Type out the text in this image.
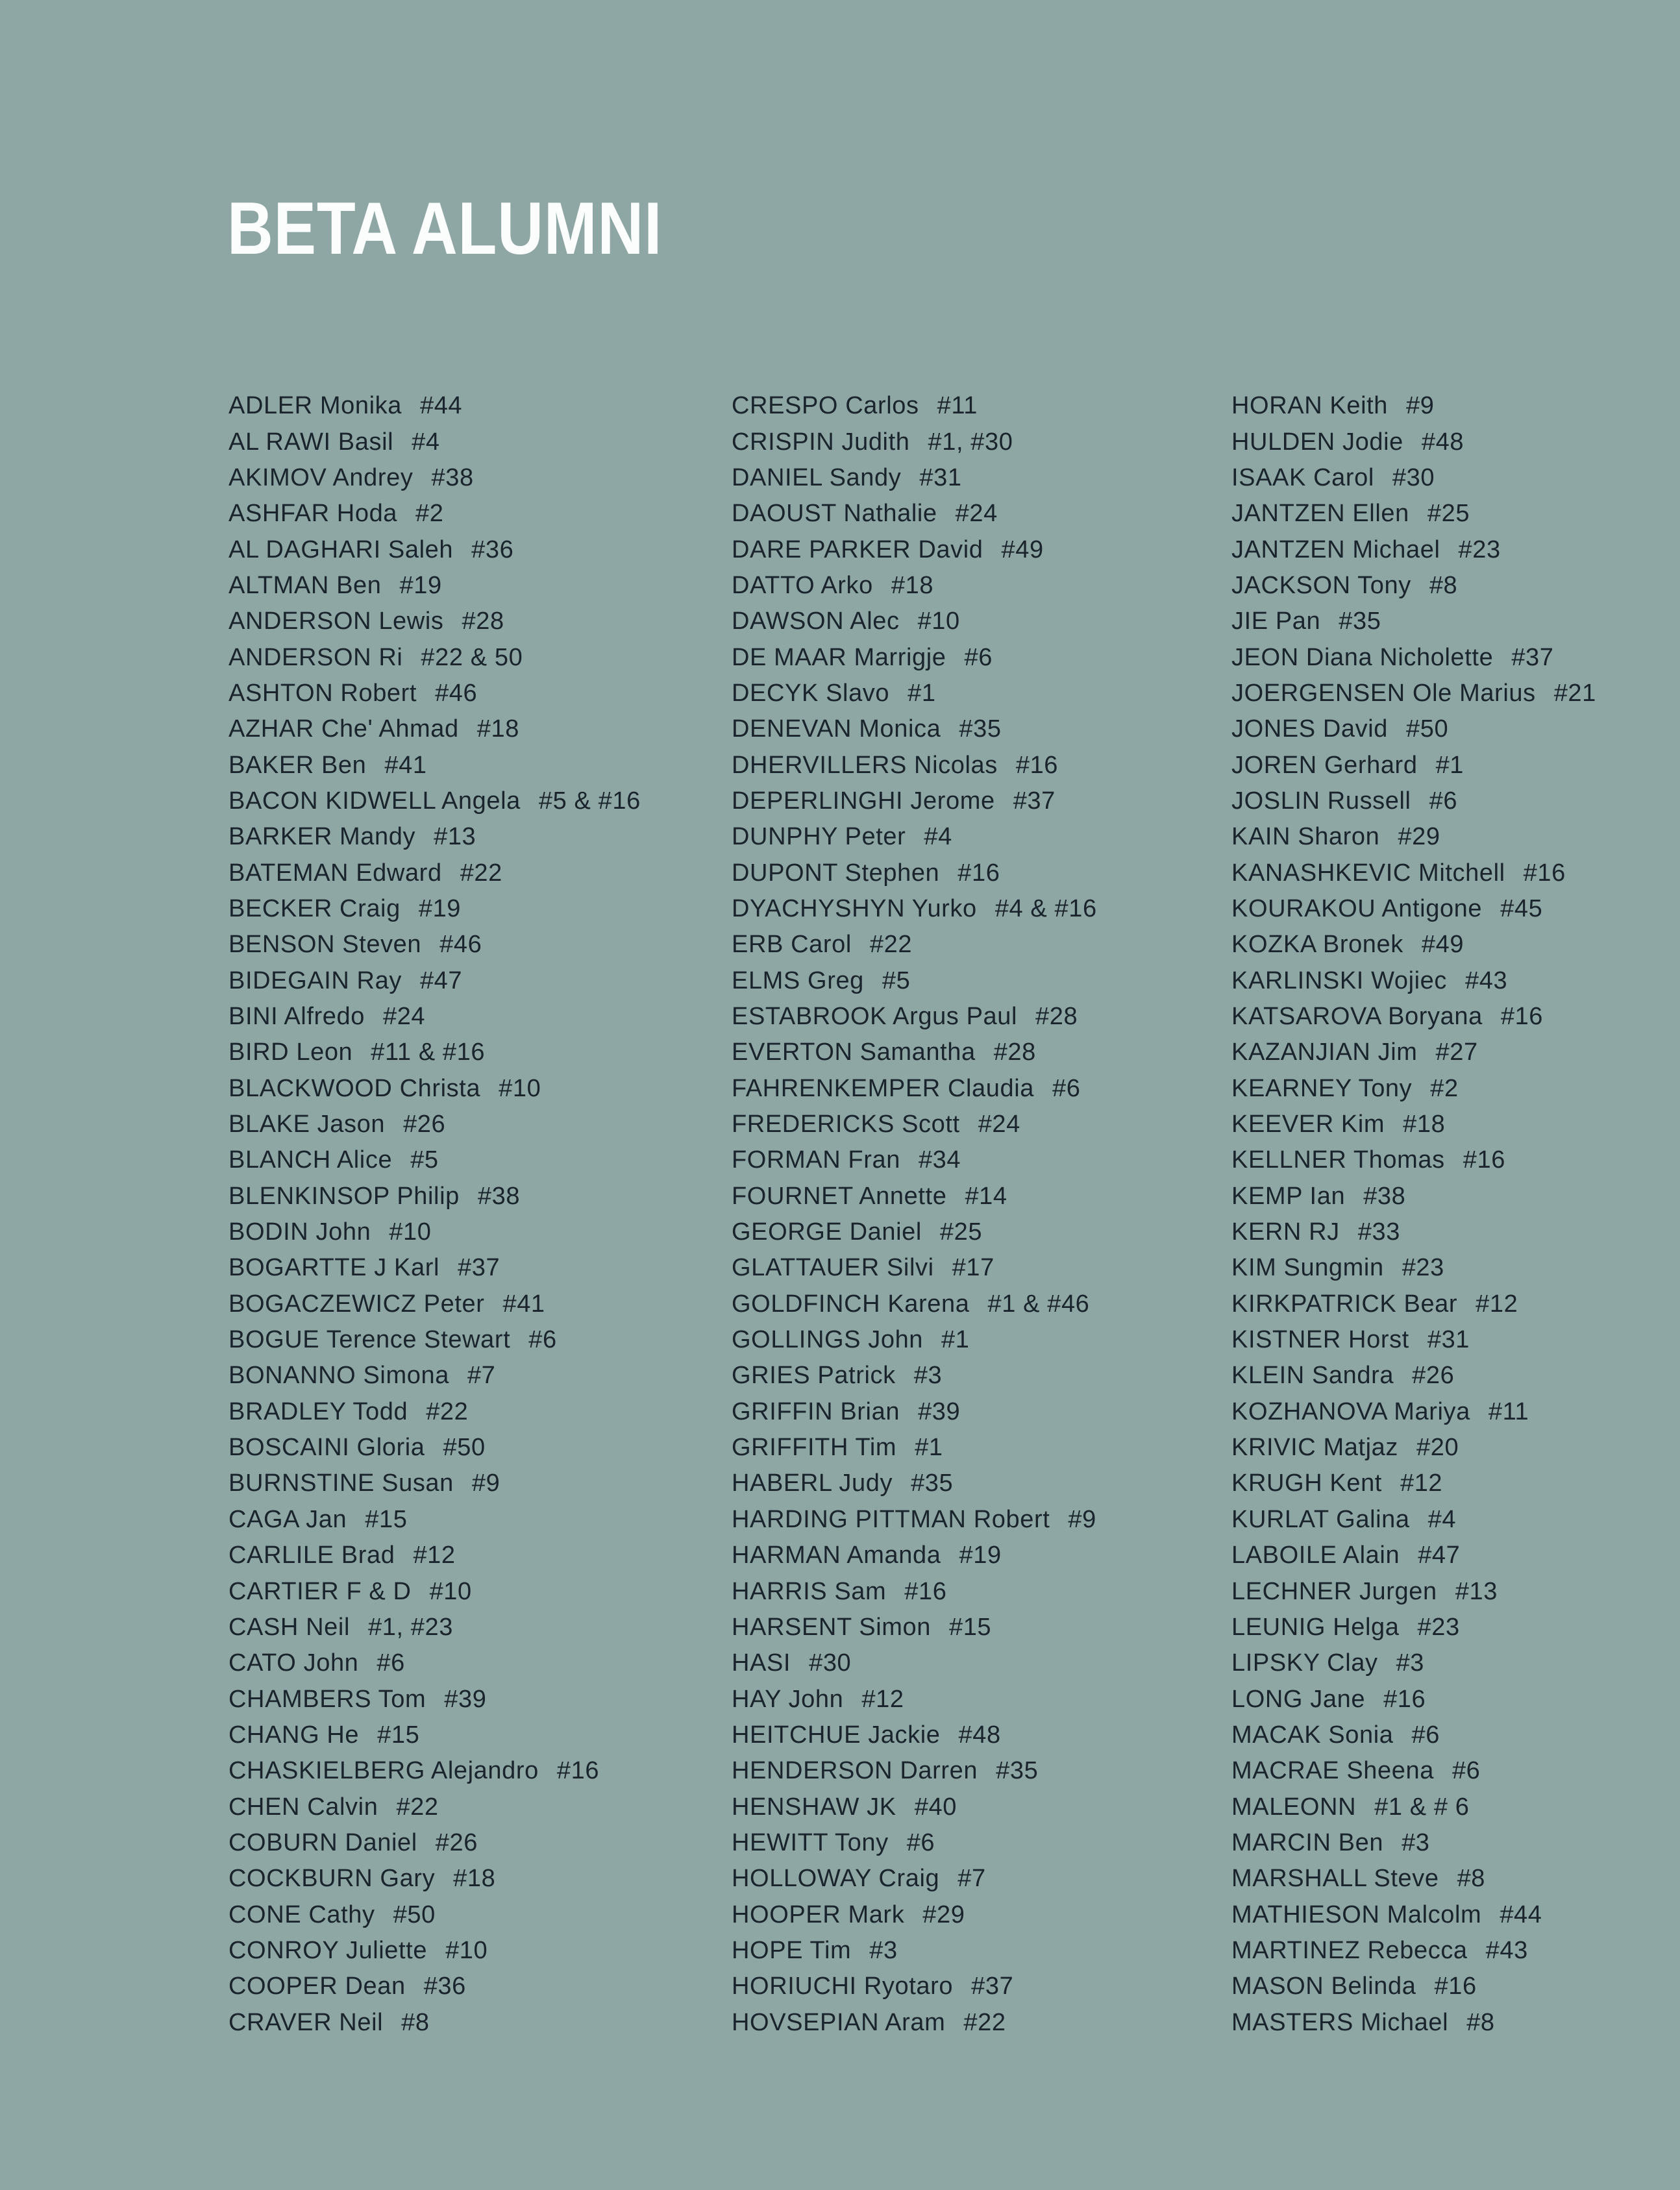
BETA ALUMNI
ADLER Monika #44
AL RAWI Basil #4
AKIMOV Andrey #38
ASHFAR Hoda #2
AL DAGHARI Saleh #36
ALTMAN Ben #19
ANDERSON Lewis #28
ANDERSON Ri #22 & 50
ASHTON Robert #46
AZHAR Che' Ahmad #18
BAKER Ben #41
BACON KIDWELL Angela #5 & #16
BARKER Mandy #13
BATEMAN Edward #22
BECKER Craig #19
BENSON Steven #46
BIDEGAIN Ray #47
BINI Alfredo #24
BIRD Leon #11 & #16
BLACKWOOD Christa #10
BLAKE Jason #26
BLANCH Alice #5
BLENKINSOP Philip #38
BODIN John #10
BOGARTTE J Karl #37
BOGACZEWICZ Peter #41
BOGUE Terence Stewart #6
BONANNO Simona #7
BRADLEY Todd #22
BOSCAINI Gloria #50
BURNSTINE Susan #9
CAGA Jan #15
CARLILE Brad #12
CARTIER F & D #10
CASH Neil #1, #23
CATO John #6
CHAMBERS Tom #39
CHANG He #15
CHASKIELBERG Alejandro #16
CHEN Calvin #22
COBURN Daniel #26
COCKBURN Gary #18
CONE Cathy #50
CONROY Juliette #10
COOPER Dean #36
CRAVER Neil #8
CRESPO Carlos #11
CRISPIN Judith #1, #30
DANIEL Sandy #31
DAOUST Nathalie #24
DARE PARKER David #49
DATTO Arko #18
DAWSON Alec #10
DE MAAR Marrigje #6
DECYK Slavo #1
DENEVAN Monica #35
DHERVILLERS Nicolas #16
DEPERLINGHI Jerome #37
DUNPHY Peter #4
DUPONT Stephen #16
DYACHYSHYN Yurko #4 & #16
ERB Carol #22
ELMS Greg #5
ESTABROOK Argus Paul #28
EVERTON Samantha #28
FAHRENKEMPER Claudia #6
FREDERICKS Scott #24
FORMAN Fran #34
FOURNET Annette #14
GEORGE Daniel #25
GLATTAUER Silvi #17
GOLDFINCH Karena #1 & #46
GOLLINGS John #1
GRIES Patrick #3
GRIFFIN Brian #39
GRIFFITH Tim #1
HABERL Judy #35
HARDING PITTMAN Robert #9
HARMAN Amanda #19
HARRIS Sam #16
HARSENT Simon #15
HASI #30
HAY John #12
HEITCHUE Jackie #48
HENDERSON Darren #35
HENSHAW JK #40
HEWITT Tony #6
HOLLOWAY Craig #7
HOOPER Mark #29
HOPE Tim #3
HORIUCHI Ryotaro #37
HOVSEPIAN Aram #22
HORAN Keith #9
HULDEN Jodie #48
ISAAK Carol #30
JANTZEN Ellen #25
JANTZEN Michael #23
JACKSON Tony #8
JIE Pan #35
JEON Diana Nicholette #37
JOERGENSEN Ole Marius #21
JONES David #50
JOREN Gerhard #1
JOSLIN Russell #6
KAIN Sharon #29
KANASHKEVIC Mitchell #16
KOURAKOU Antigone #45
KOZKA Bronek #49
KARLINSKI Wojiec #43
KATSAROVA Boryana #16
KAZANJIAN Jim #27
KEARNEY Tony #2
KEEVER Kim #18
KELLNER Thomas #16
KEMP Ian #38
KERN RJ #33
KIM Sungmin #23
KIRKPATRICK Bear #12
KISTNER Horst #31
KLEIN Sandra #26
KOZHANOVA Mariya #11
KRIVIC Matjaz #20
KRUGH Kent #12
KURLAT Galina #4
LABOILE Alain #47
LECHNER Jurgen #13
LEUNIG Helga #23
LIPSKY Clay #3
LONG Jane #16
MACAK Sonia #6
MACRAE Sheena #6
MALEONN #1 & # 6
MARCIN Ben #3
MARSHALL Steve #8
MATHIESON Malcolm #44
MARTINEZ Rebecca #43
MASON Belinda #16
MASTERS Michael #8
